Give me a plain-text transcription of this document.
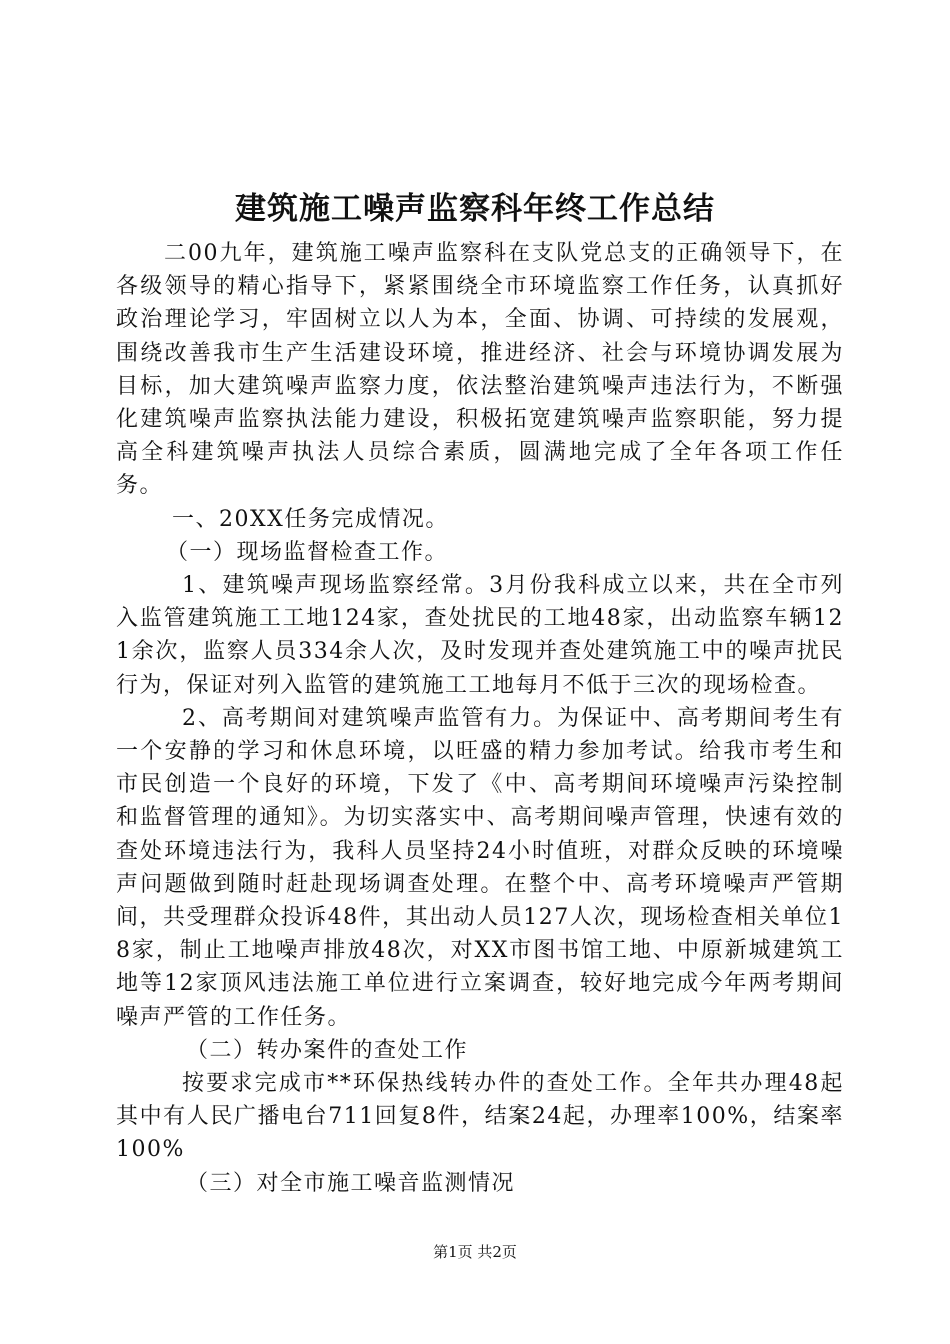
建筑施工噪声监察科年终工作总结

二00九年，建筑施工噪声监察科在支队党总支的正确领导下，在各级领导的精心指导下，紧紧围绕全市环境监察工作任务，认真抓好政治理论学习，牢固树立以人为本，全面、协调、可持续的发展观，围绕改善我市生产生活建设环境，推进经济、社会与环境协调发展为目标，加大建筑噪声监察力度，依法整治建筑噪声违法行为，不断强化建筑噪声监察执法能力建设，积极拓宽建筑噪声监察职能，努力提高全科建筑噪声执法人员综合素质，圆满地完成了全年各项工作任务。

一、20XX任务完成情况。

（一）现场监督检查工作。

1、建筑噪声现场监察经常。3月份我科成立以来，共在全市列入监管建筑施工工地124家，查处扰民的工地48家，出动监察车辆121余次，监察人员334余人次，及时发现并查处建筑施工中的噪声扰民行为，保证对列入监管的建筑施工工地每月不低于三次的现场检查。

2、高考期间对建筑噪声监管有力。为保证中、高考期间考生有一个安静的学习和休息环境，以旺盛的精力参加考试。给我市考生和市民创造一个良好的环境，下发了《中、高考期间环境噪声污染控制和监督管理的通知》。为切实落实中、高考期间噪声管理，快速有效的查处环境违法行为，我科人员坚持24小时值班，对群众反映的环境噪声问题做到随时赶赴现场调查处理。在整个中、高考环境噪声严管期间，共受理群众投诉48件，其出动人员127人次，现场检查相关单位18家，制止工地噪声排放48次，对XX市图书馆工地、中原新城建筑工地等12家顶风违法施工单位进行立案调查，较好地完成今年两考期间噪声严管的工作任务。

（二）转办案件的查处工作

按要求完成市**环保热线转办件的查处工作。全年共办理48起其中有人民广播电台711回复8件，结案24起，办理率100%，结案率100%

（三）对全市施工噪音监测情况

第1页 共2页
